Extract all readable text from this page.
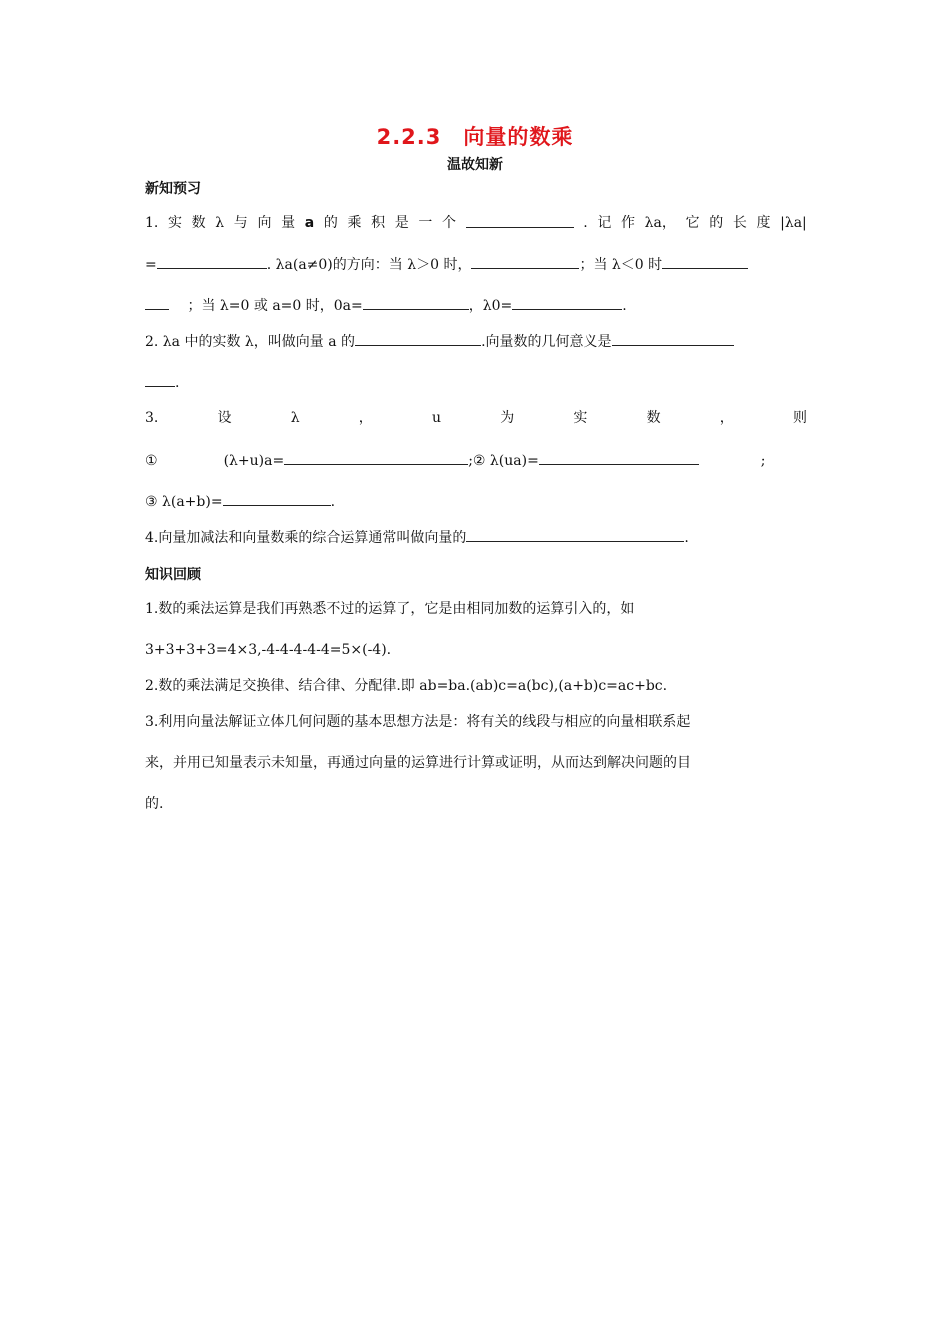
2.2.3　向量的数乘
温故知新
新知预习
1. 实 数 λ 与 向 量 a 的 乘 积 是 一 个	. 记 作 λa， 它 的 长 度 |λa|
=	. λa(a≠0)的方向：当 λ＞0 时，	；当 λ＜0 时
；当 λ=0 或 a=0 时，0a=	，λ0=	.
2. λa 中的实数 λ，叫做向量 a 的	.向量数的几何意义是
.
3.	设	λ	，	u	为	实	数	，	则
①	(λ+u)a=	;② λ(ua)=	;
③ λ(a+b)=	.
4.向量加减法和向量数乘的综合运算通常叫做向量的	.
知识回顾
1.数的乘法运算是我们再熟悉不过的运算了，它是由相同加数的运算引入的，如
3+3+3+3=4×3,-4-4-4-4-4=5×(-4).
2.数的乘法满足交换律、结合律、分配律.即 ab=ba.(ab)c=a(bc),(a+b)c=ac+bc.
3.利用向量法解证立体几何问题的基本思想方法是：将有关的线段与相应的向量相联系起
来，并用已知量表示未知量，再通过向量的运算进行计算或证明，从而达到解决问题的目
的.
